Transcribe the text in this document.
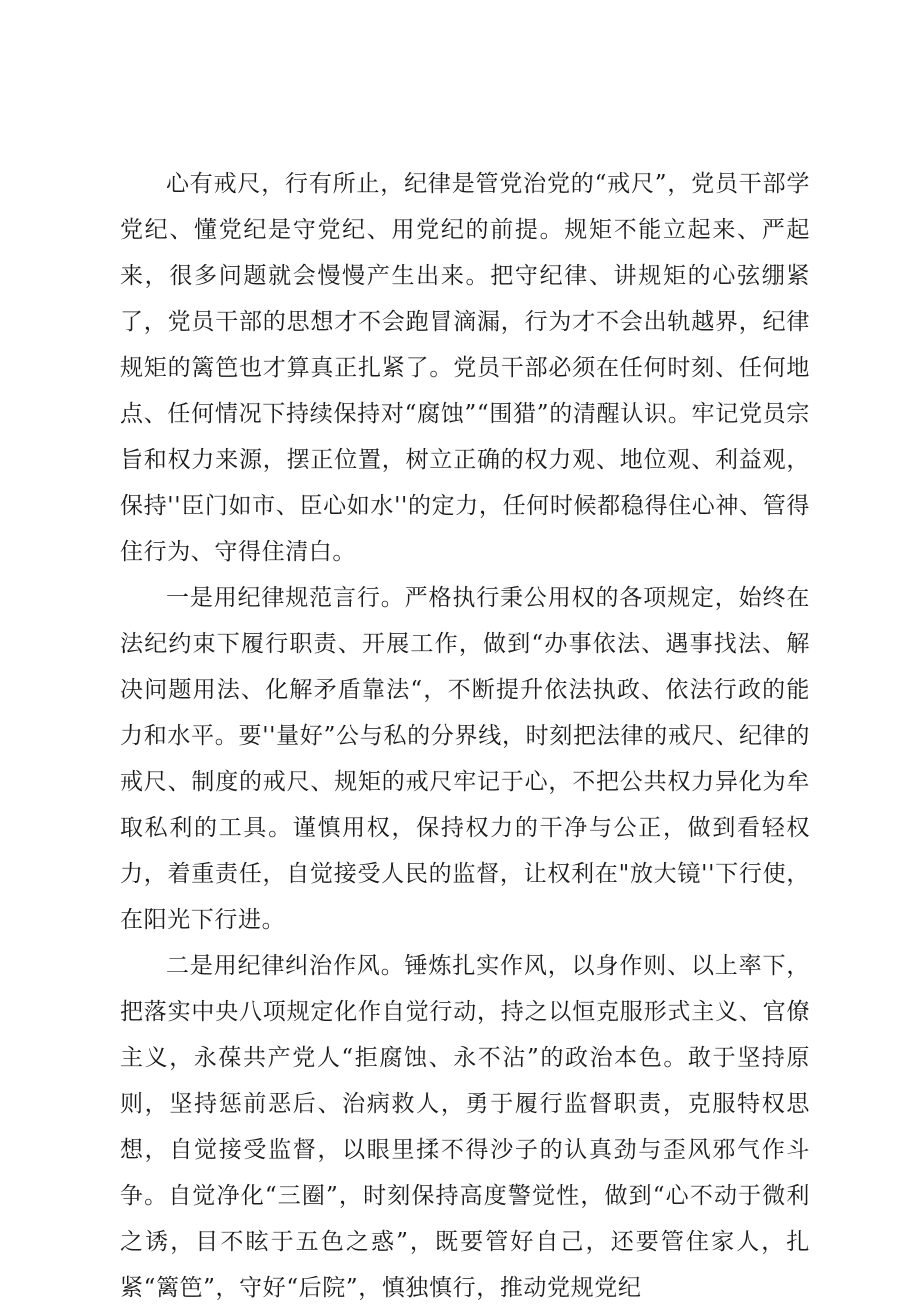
心有戒尺，行有所止，纪律是管党治党的“戒尺”，党员干部学党纪、懂党纪是守党纪、用党纪的前提。规矩不能立起来、严起来，很多问题就会慢慢产生出来。把守纪律、讲规矩的心弦绷紧了，党员干部的思想才不会跑冒滴漏，行为才不会出轨越界，纪律规矩的篱笆也才算真正扎紧了。党员干部必须在任何时刻、任何地点、任何情况下持续保持对“腐蚀”“围猎”的清醒认识。牢记党员宗旨和权力来源，摆正位置，树立正确的权力观、地位观、利益观，保持''臣门如市、臣心如水''的定力，任何时候都稳得住心神、管得住行为、守得住清白。

一是用纪律规范言行。严格执行秉公用权的各项规定，始终在法纪约束下履行职责、开展工作，做到“办事依法、遇事找法、解决问题用法、化解矛盾靠法“，不断提升依法执政、依法行政的能力和水平。要''量好”公与私的分界线，时刻把法律的戒尺、纪律的戒尺、制度的戒尺、规矩的戒尺牢记于心，不把公共权力异化为牟取私利的工具。谨慎用权，保持权力的干净与公正，做到看轻权力，着重责任，自觉接受人民的监督，让权利在"放大镜''下行使，在阳光下行进。

二是用纪律纠治作风。锤炼扎实作风，以身作则、以上率下，把落实中央八项规定化作自觉行动，持之以恒克服形式主义、官僚主义，永葆共产党人“拒腐蚀、永不沾”的政治本色。敢于坚持原则，坚持惩前恶后、治病救人，勇于履行监督职责，克服特权思想，自觉接受监督，以眼里揉不得沙子的认真劲与歪风邪气作斗争。自觉净化“三圈”，时刻保持高度警觉性，做到“心不动于微利之诱，目不眩于五色之惑”，既要管好自己，还要管住家人，扎紧“篱笆”，守好“后院”，慎独慎行，推动党规党纪
